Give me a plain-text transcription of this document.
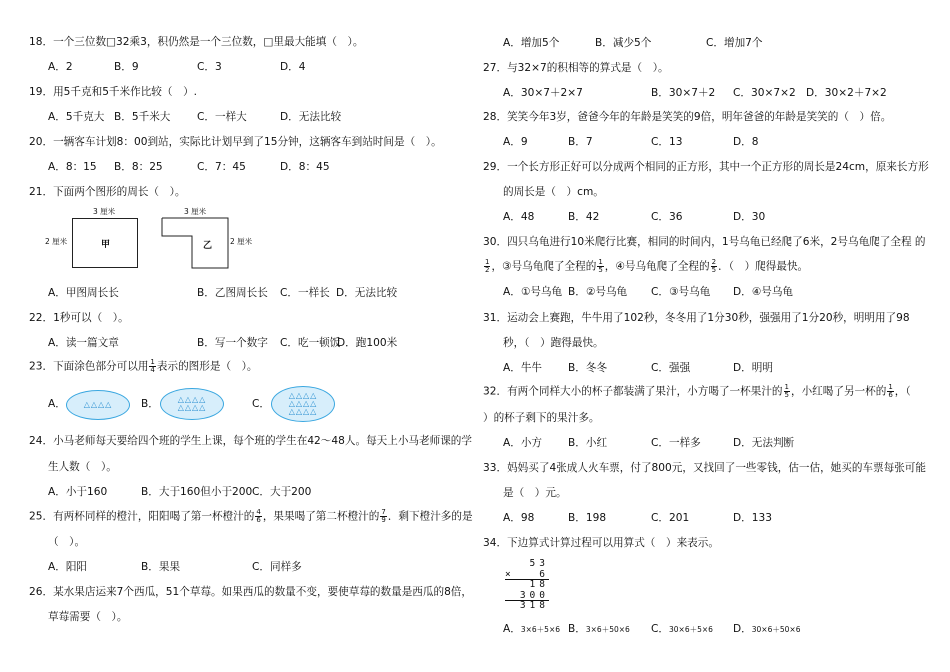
18．一个三位数□32乘3，积仍然是一个三位数，□里最大能填（　）。
A．2	B．9	C．3	D．4
19．用5千克和5千米作比较（　）.
A．5千克大 B．5千米大	C．一样大	D．无法比较
20．一辆客车计划8：00到站，实际比计划早到了15分钟，这辆客车到站时间是（　）。
A．8：15 B．8：25	C．7：45	D．8：45
21．下面两个图形的周长（　）。
3 厘米
2 厘米	甲
3 厘米
2 厘米
乙
A．甲图周长长	B．乙图周长长 C．一样长 D．无法比较
22．1秒可以（　）。
A．读一篇文章	B．写一个数字 C．吃一顿饭
D．跑100米
23．下面涂色部分可以用 $\frac{1}{4}$ 表示的图形是（　）。
A． △△△△	B． △△△△
△△△△	C．
△△△△
△△△△
△△△△
24．小马老师每天要给四个班的学生上课，每个班的学生在42～48人。每天上小马老师课的学
生人数（　）。
A．小于160	B．大于160但小于200 C．大于200
25．有两杯同样的橙汁，阳阳喝了第一杯橙汁的 $\frac{4}{6}$ ，果果喝了第二杯橙汁的 $\frac{7}{9}$ ．剩下橙汁多的是
（　）。
A．阳阳	B．果果	C．同样多
26．某水果店运来7个西瓜，51个草莓。如果西瓜的数量不变，要使草莓的数量是西瓜的8倍，
草莓需要（　）。
A．增加5个	B．减少5个	C．增加7个
27．与32×7的积相等的算式是（　）。
A．30×7＋2×7	B．30×7＋2 C．30×7×2 D．30×2＋7×2
28．笑笑今年3岁，爸爸今年的年龄是笑笑的9倍，明年爸爸的年龄是笑笑的（　）倍。
A．9	B．7	C．13	D．8
29．一个长方形正好可以分成两个相同的正方形，其中一个正方形的周长是24cm，原来长方形
的周长是（　）cm。
A．48	B．42	C．36	D．30
30．四只乌龟进行10米爬行比赛，相同的时间内，1号乌龟已经爬了6米，2号乌龟爬了全程 的
$\frac{1}{2}$ ，③号乌龟爬了全程的 $\frac{1}{5}$ ，④号乌龟爬了全程的 $\frac{2}{5}$ ．（　）爬得最快。
A．①号乌龟 B．②号乌龟 C．③号乌龟 D．④号乌龟
31．运动会上赛跑，牛牛用了102秒，冬冬用了1分30秒，强强用了1分20秒，明明用了98
秒，（　）跑得最快。
A．牛牛 B．冬冬	C．强强	D．明明
32．有两个同样大小的杯子都装满了果汁，小方喝了一杯果汁的 $\frac{1}{5}$ ，小红喝了另一杯的 $\frac{1}{6}$ ，（
）的杯子剩下的果汁多。
A．小方 B．小红	C．一样多	D．无法判断
33．妈妈买了4张成人火车票，付了800元，又找回了一些零钱，估一估，她买的车票每张可能
是（　）元。
A．98	B．198	C．201	D．133
34．下边算式计算过程可以用算式（　）来表示。
53
×	6
18
300
318
A．3×6＋5×6 B．3×6＋50×6 C．30×6＋5×6 D．30×6＋50×6
